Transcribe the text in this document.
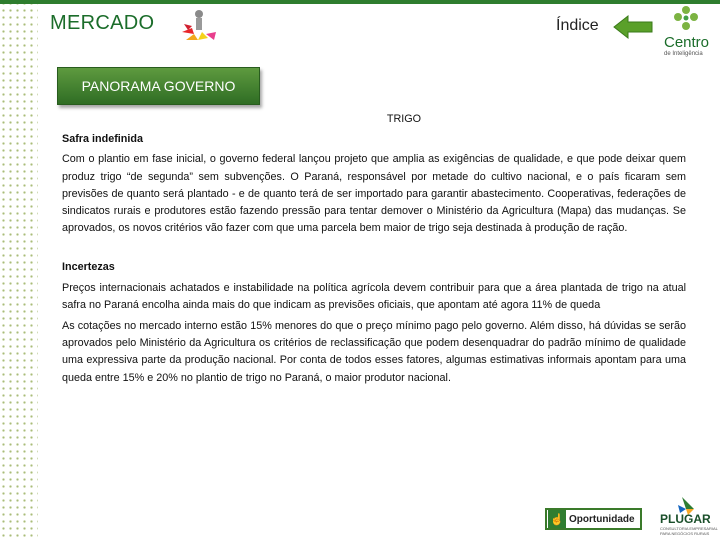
MERCADO	Índice
Centro
de Inteligência
PANORAMA GOVERNO
TRIGO
Safra indefinida

Com o plantio em fase inicial, o governo federal lançou projeto que amplia as exigências de qualidade, e que pode deixar quem produz trigo “de segunda” sem subvenções. O Paraná, responsável por metade do cultivo nacional, e o país ficaram sem previsões de quanto será plantado - e de quanto terá de ser importado para garantir abastecimento. Cooperativas, federações de sindicatos rurais e produtores estão fazendo pressão para tentar demover o Ministério da Agricultura (Mapa) das mudanças. Se aprovados, os novos critérios vão fazer com que uma parcela bem maior de trigo seja destinada à produção de ração.

Incertezas

Preços internacionais achatados e instabilidade na política agrícola devem contribuir para que a área plantada de trigo na atual safra no Paraná encolha ainda mais do que indicam as previsões oficiais, que apontam até agora 11% de queda

As cotações no mercado interno estão 15% menores do que o preço mínimo pago pelo governo. Além disso, há dúvidas se serão aprovados pelo Ministério da Agricultura os critérios de reclassificação que podem desenquadrar do padrão mínimo de qualidade uma expressiva parte da produção nacional. Por conta de todos esses fatores, algumas estimativas informais apontam para uma queda entre 15% e 20% no plantio de trigo no Paraná, o maior produtor nacional.

☝ Oportunidade PLUGAR
CONSULTORIA EMPRESARIAL PARA NEGÓCIOS RURAIS
